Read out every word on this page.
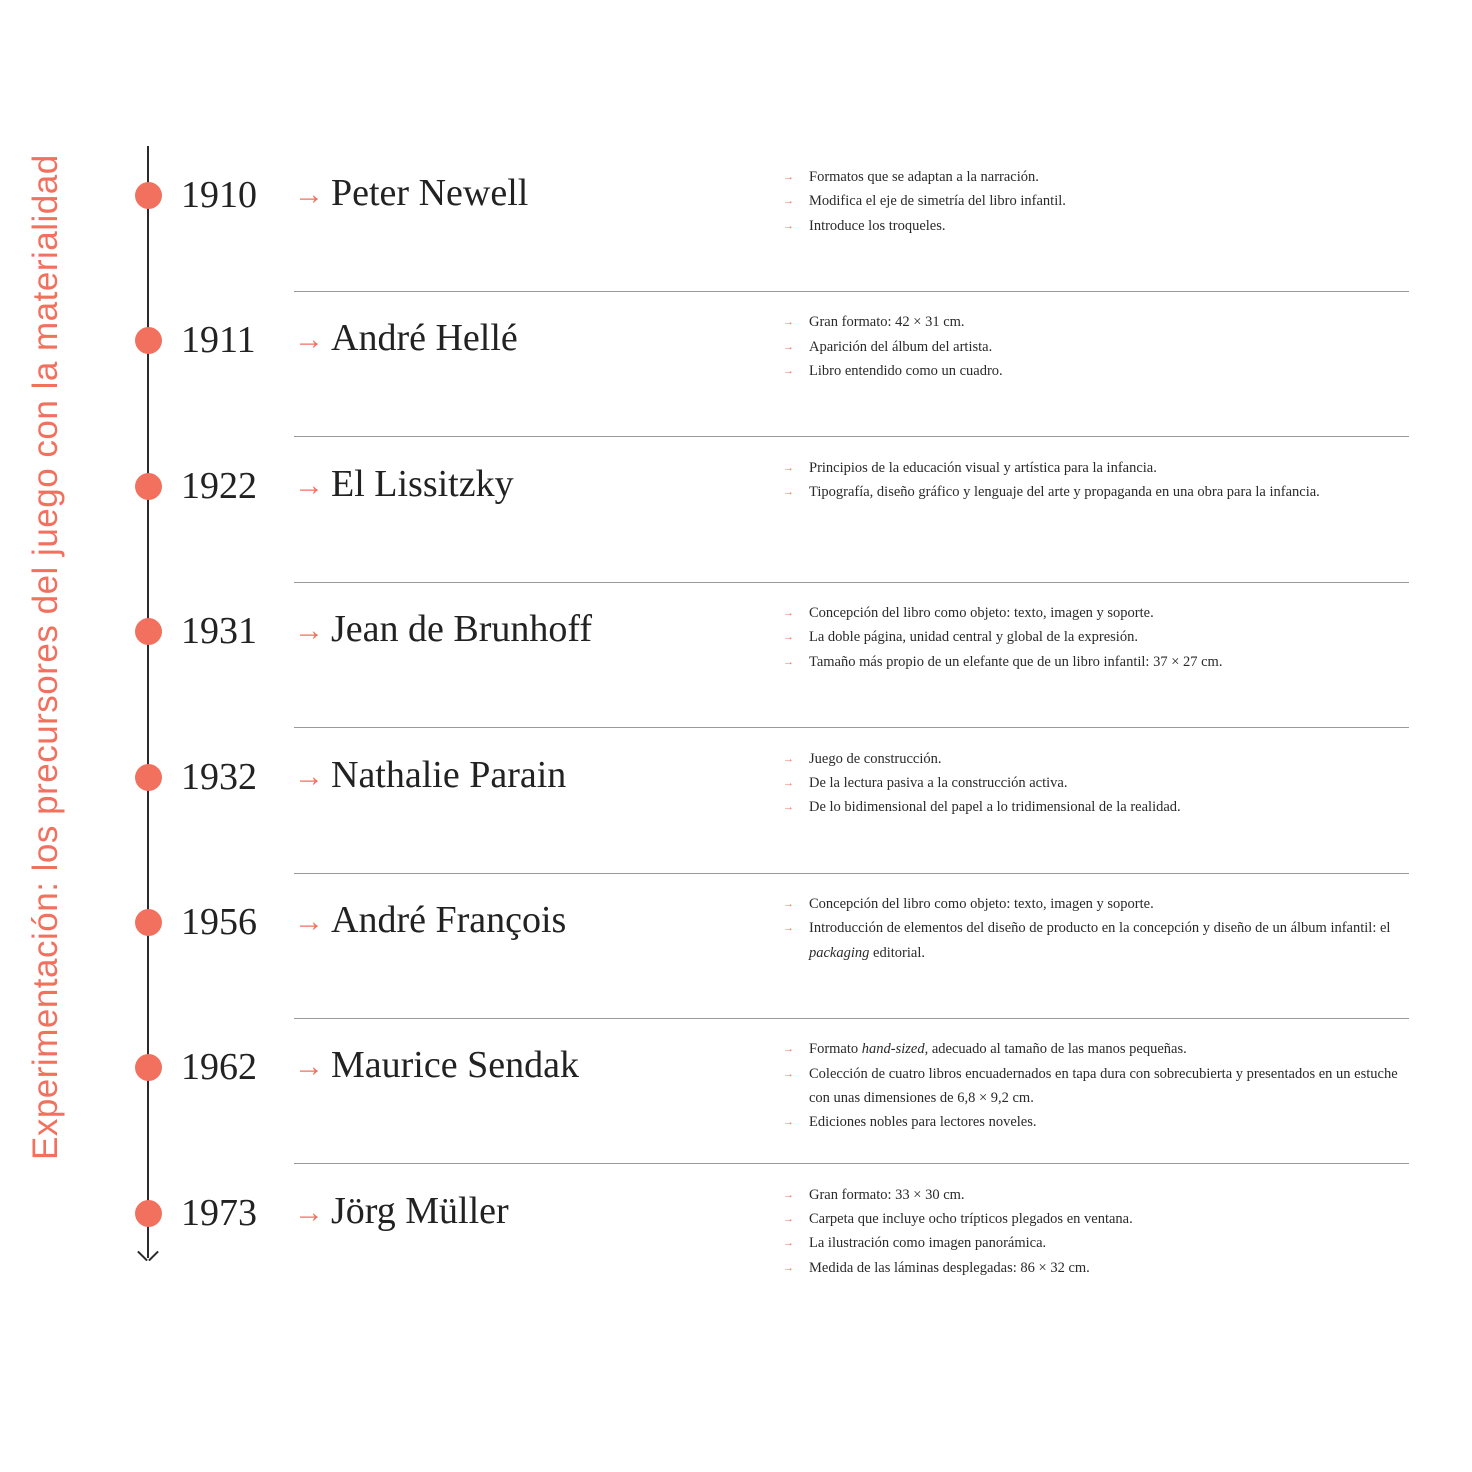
Experimentación: los precursores del juego con la materialidad	1910 → Peter Newell	→ Formatos que se adaptan a la narración.
→ Modifica el eje de simetría del libro infantil.
→ Introduce los troqueles.
1911 → André Hellé	→ Gran formato: 42 × 31 cm.
→ Aparición del álbum del artista.
→ Libro entendido como un cuadro.
1922 → El Lissitzky	→ Principios de la educación visual y artística para la infancia.
→ Tipografía, diseño gráfico y lenguaje del arte y propaganda en una obra para la infancia.
1931 → Jean de Brunhoff	→ Concepción del libro como objeto: texto, imagen y soporte.
→ La doble página, unidad central y global de la expresión.
→ Tamaño más propio de un elefante que de un libro infantil: 37 × 27 cm.
1932 → Nathalie Parain	→ Juego de construcción.
→ De la lectura pasiva a la construcción activa.
→ De lo bidimensional del papel a lo tridimensional de la realidad.
1956 → André François	→ Concepción del libro como objeto: texto, imagen y soporte.
→ Introducción de elementos del diseño de producto en la concepción y diseño de un álbum infantil: el packaging editorial.
1962 → Maurice Sendak	→ Formato hand-sized, adecuado al tamaño de las manos pequeñas.
→ Colección de cuatro libros encuadernados en tapa dura con sobrecubierta y presentados en un estuche con unas dimensiones de 6,8 × 9,2 cm.
→ Ediciones nobles para lectores noveles.
1973 → Jörg Müller	→ Gran formato: 33 × 30 cm.
→ Carpeta que incluye ocho trípticos plegados en ventana.
→ La ilustración como imagen panorámica.
→ Medida de las láminas desplegadas: 86 × 32 cm.
